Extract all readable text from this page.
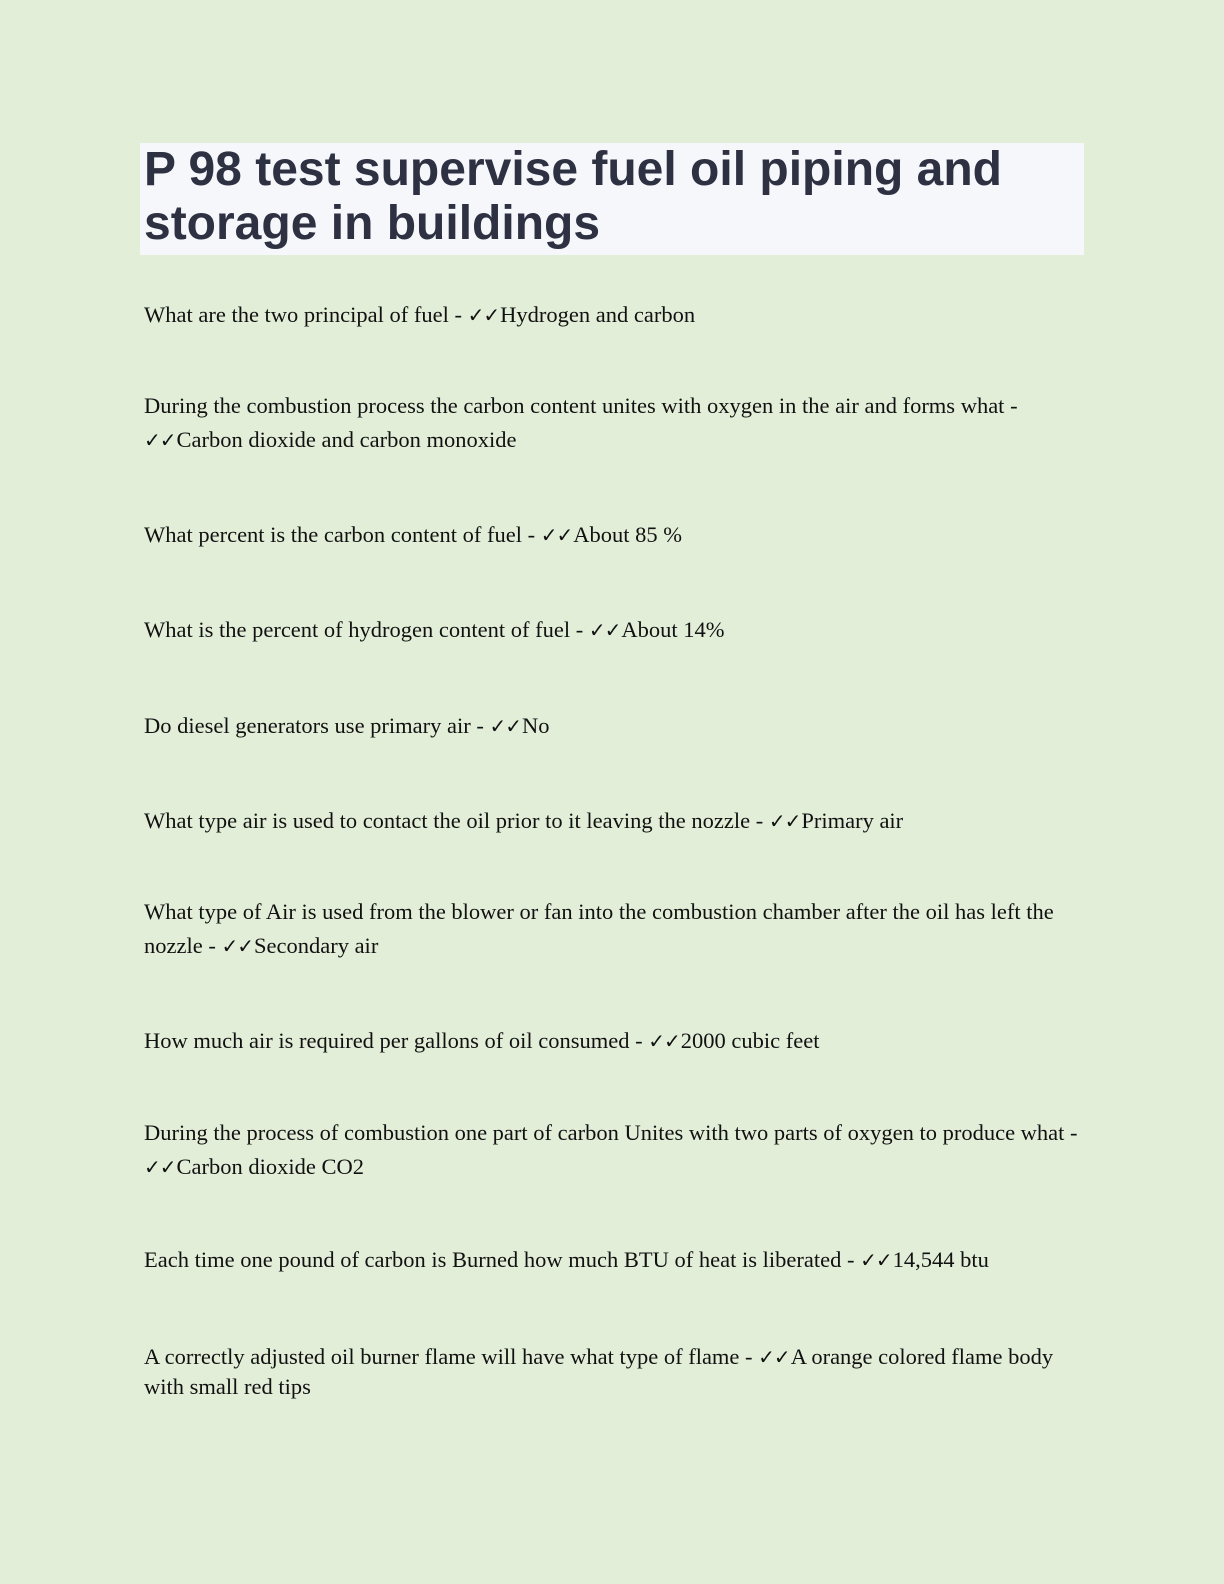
P 98 test supervise fuel oil piping and storage in buildings

What are the two principal of fuel - ✓✓Hydrogen and carbon

During the combustion process the carbon content unites with oxygen in the air and forms what - ✓✓Carbon dioxide and carbon monoxide

What percent is the carbon content of fuel - ✓✓About 85 %

What is the percent of hydrogen content of fuel - ✓✓About 14%

Do diesel generators use primary air - ✓✓No

What type air is used to contact the oil prior to it leaving the nozzle - ✓✓Primary air

What type of Air is used from the blower or fan into the combustion chamber after the oil has left the nozzle - ✓✓Secondary air

How much air is required per gallons of oil consumed - ✓✓2000 cubic feet

During the process of combustion one part of carbon Unites with two parts of oxygen to produce what - ✓✓Carbon dioxide CO2

Each time one pound of carbon is Burned how much BTU of heat is liberated - ✓✓14,544 btu

A correctly adjusted oil burner flame will have what type of flame - ✓✓A orange colored flame body with small red tips
